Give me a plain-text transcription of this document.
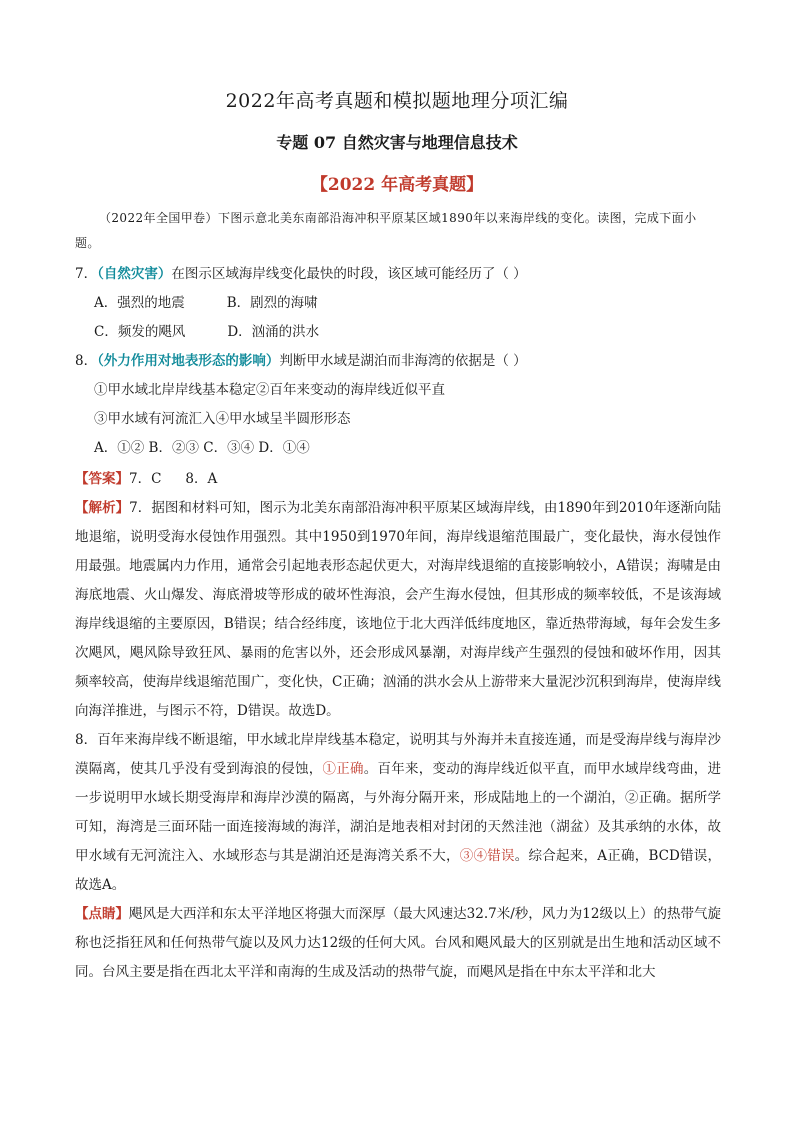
2022年高考真题和模拟题地理分项汇编
专题 07 自然灾害与地理信息技术
【2022 年高考真题】

（2022年全国甲卷）下图示意北美东南部沿海冲积平原某区域1890年以来海岸线的变化。读图，完成下面小题。

7．（自然灾害）在图示区域海岸线变化最快的时段，该区域可能经历了（ ）

A．强烈的地震	B．剧烈的海啸

C．频发的飓风	D．汹涌的洪水

8．（外力作用对地表形态的影响）判断甲水域是湖泊而非海湾的依据是（ ）

①甲水域北岸岸线基本稳定②百年来变动的海岸线近似平直

③甲水域有河流汇入④甲水域呈半圆形形态

A．①② B．②③ C．③④ D．①④

【答案】7．C 8．A

【解析】7．据图和材料可知，图示为北美东南部沿海冲积平原某区域海岸线，由1890年到2010年逐渐向陆地退缩，说明受海水侵蚀作用强烈。其中1950到1970年间，海岸线退缩范围最广，变化最快，海水侵蚀作用最强。地震属内力作用，通常会引起地表形态起伏更大，对海岸线退缩的直接影响较小，A错误；海啸是由海底地震、火山爆发、海底滑坡等形成的破坏性海浪，会产生海水侵蚀，但其形成的频率较低，不是该海域海岸线退缩的主要原因，B错误；结合经纬度，该地位于北大西洋低纬度地区，靠近热带海域，每年会发生多次飓风，飓风除导致狂风、暴雨的危害以外，还会形成风暴潮，对海岸线产生强烈的侵蚀和破坏作用，因其频率较高，使海岸线退缩范围广，变化快，C正确；汹涌的洪水会从上游带来大量泥沙沉积到海岸，使海岸线向海洋推进，与图示不符，D错误。故选D。

8．百年来海岸线不断退缩，甲水域北岸岸线基本稳定，说明其与外海并未直接连通，而是受海岸线与海岸沙漠隔离，使其几乎没有受到海浪的侵蚀，①正确。百年来，变动的海岸线近似平直，而甲水域岸线弯曲，进一步说明甲水域长期受海岸和海岸沙漠的隔离，与外海分隔开来，形成陆地上的一个湖泊，②正确。据所学可知，海湾是三面环陆一面连接海域的海洋，湖泊是地表相对封闭的天然洼池（湖盆）及其承纳的水体，故甲水域有无河流注入、水域形态与其是湖泊还是海湾关系不大，③④错误。综合起来，A正确，BCD错误，故选A。

【点睛】飓风是大西洋和东太平洋地区将强大而深厚（最大风速达32.7米/秒，风力为12级以上）的热带气旋称也泛指狂风和任何热带气旋以及风力达12级的任何大风。台风和飓风最大的区别就是出生地和活动区域不同。台风主要是指在西北太平洋和南海的生成及活动的热带气旋，而飓风是指在中东太平洋和北大
